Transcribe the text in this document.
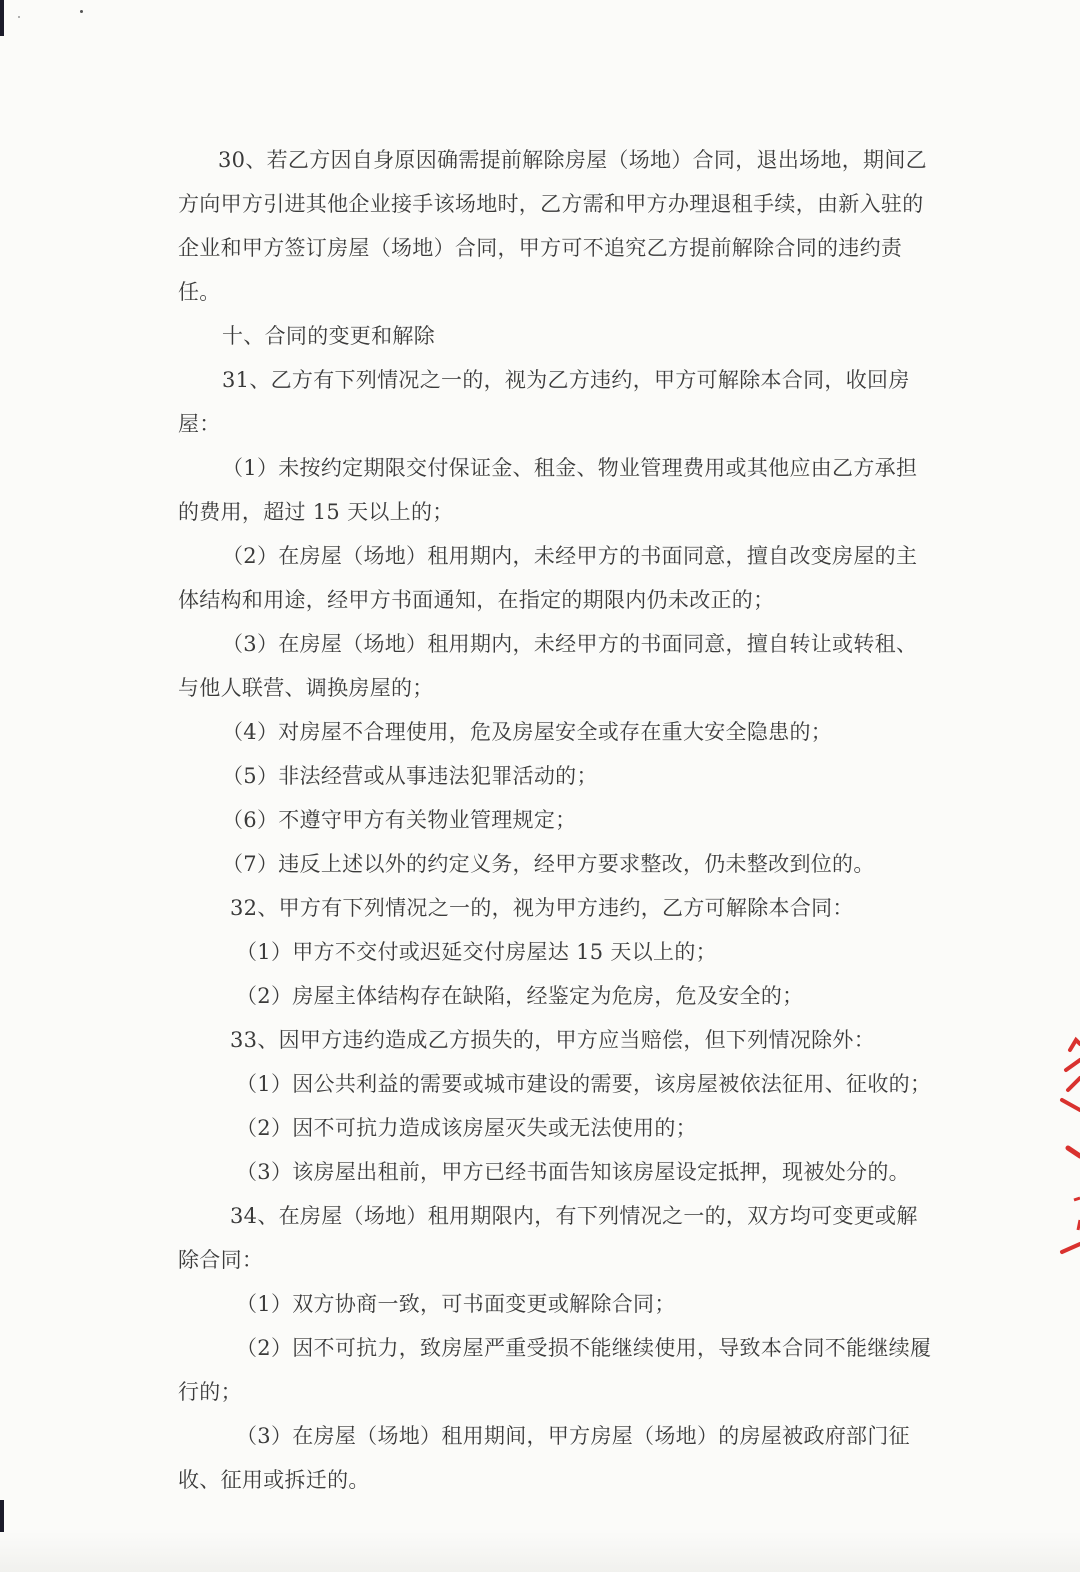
30、若乙方因自身原因确需提前解除房屋（场地）合同，退出场地，期间乙方向甲方引进其他企业接手该场地时，乙方需和甲方办理退租手续，由新入驻的企业和甲方签订房屋（场地）合同，甲方可不追究乙方提前解除合同的违约责任。

十、合同的变更和解除

31、乙方有下列情况之一的，视为乙方违约，甲方可解除本合同，收回房屋：

（1）未按约定期限交付保证金、租金、物业管理费用或其他应由乙方承担的费用，超过 15 天以上的；

（2）在房屋（场地）租用期内，未经甲方的书面同意，擅自改变房屋的主体结构和用途，经甲方书面通知，在指定的期限内仍未改正的；

（3）在房屋（场地）租用期内，未经甲方的书面同意，擅自转让或转租、与他人联营、调换房屋的；

（4）对房屋不合理使用，危及房屋安全或存在重大安全隐患的；

（5）非法经营或从事违法犯罪活动的；

（6）不遵守甲方有关物业管理规定；

（7）违反上述以外的约定义务，经甲方要求整改，仍未整改到位的。

32、甲方有下列情况之一的，视为甲方违约，乙方可解除本合同：

（1）甲方不交付或迟延交付房屋达 15 天以上的；

（2）房屋主体结构存在缺陷，经鉴定为危房，危及安全的；

33、因甲方违约造成乙方损失的，甲方应当赔偿，但下列情况除外：

（1）因公共利益的需要或城市建设的需要，该房屋被依法征用、征收的；

（2）因不可抗力造成该房屋灭失或无法使用的；

（3）该房屋出租前，甲方已经书面告知该房屋设定抵押，现被处分的。

34、在房屋（场地）租用期限内，有下列情况之一的，双方均可变更或解除合同：

（1）双方协商一致，可书面变更或解除合同；

（2）因不可抗力，致房屋严重受损不能继续使用，导致本合同不能继续履行的；

（3）在房屋（场地）租用期间，甲方房屋（场地）的房屋被政府部门征收、征用或拆迁的。
